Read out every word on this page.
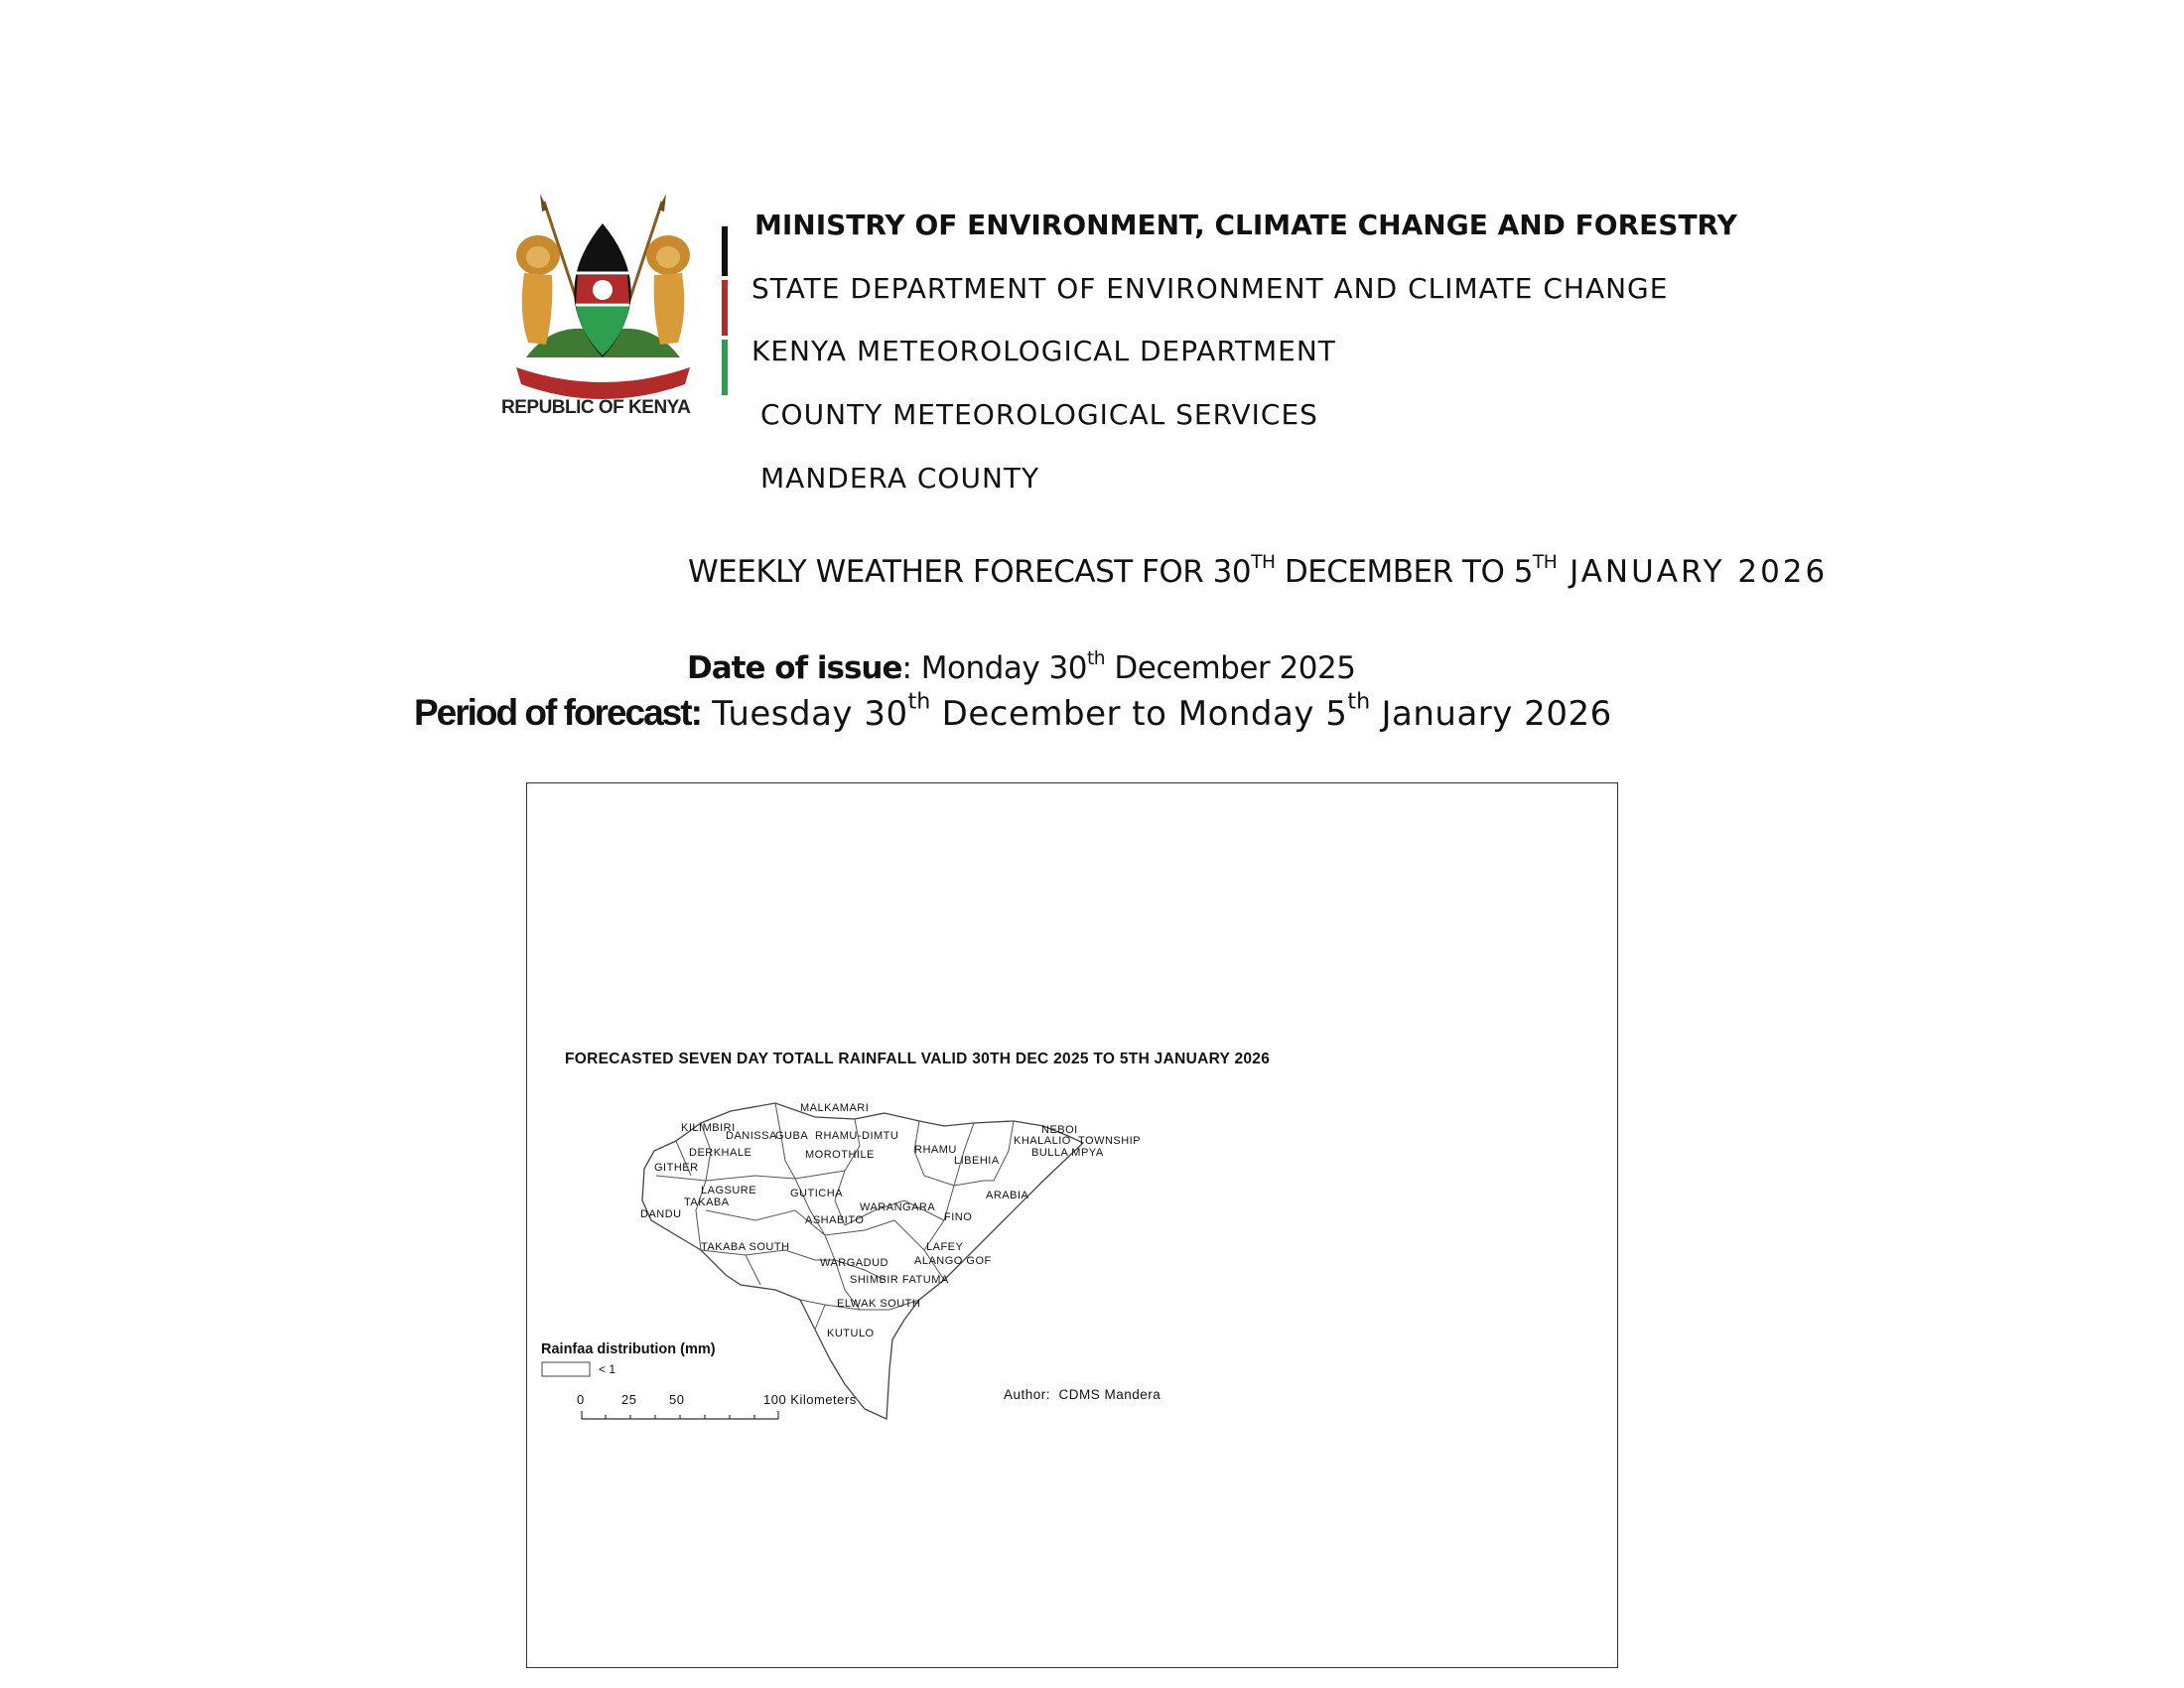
REPUBLIC OF KENYA
MINISTRY OF ENVIRONMENT, CLIMATE CHANGE AND FORESTRY
STATE DEPARTMENT OF ENVIRONMENT AND CLIMATE CHANGE
KENYA METEOROLOGICAL DEPARTMENT
COUNTY METEOROLOGICAL SERVICES
MANDERA COUNTY
WEEKLY WEATHER FORECAST FOR 30TH DECEMBER TO 5TH JANUARY 2026
Date of issue: Monday 30th December 2025
Period of forecast: Tuesday 30th December to Monday 5th January 2026
FORECASTED SEVEN DAY TOTALL RAINFALL VALID 30TH DEC 2025 TO 5TH JANUARY 2026
MALKAMARI
KILIMBIRI
DANISSA
GUBA RHAMU-DIMTU	NEBOI
KHALALIO TOWNSHIP
DERKHALE	MOROTHILE	RHAMU	BULLA MPYA
GITHER
LIBEHIA
LAGSURE	GUTICHA	ARABIA
TAKABA	WARANGARA
DANDU	ASHABITO	FINO
TAKABA SOUTH	LAFEY
WARGADUD ALANGO GOF
SHIMBIR FATUMA
ELWAK SOUTH
KUTULO
Rainfaa distribution (mm)
< 1
0	25	50	100 Kilometers	Author:  CDMS Mandera
